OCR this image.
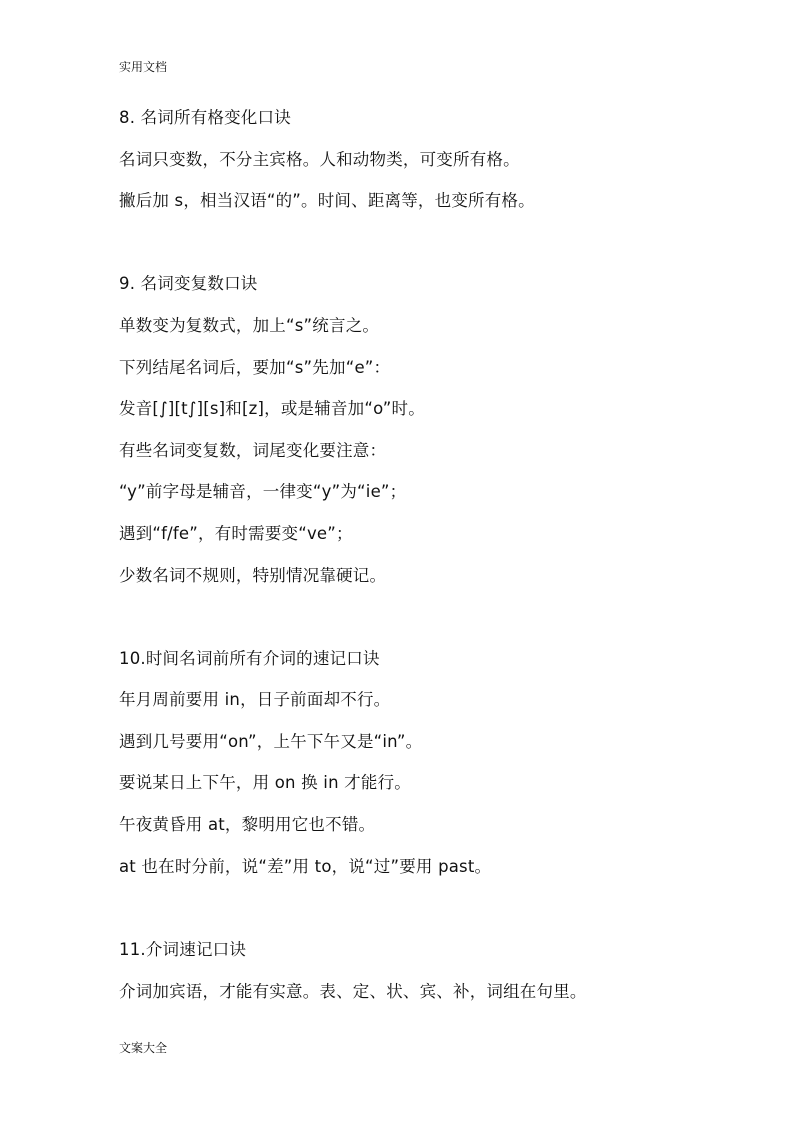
实用文档
8. 名词所有格变化口诀
名词只变数，不分主宾格。人和动物类，可变所有格。
撇后加 s，相当汉语“的”。时间、距离等，也变所有格。
9. 名词变复数口诀
单数变为复数式，加上“s”统言之。
下列结尾名词后，要加“s”先加“e”：
发音[∫][t∫][s]和[z]，或是辅音加“o”时。
有些名词变复数，词尾变化要注意：
“y”前字母是辅音，一律变“y”为“ie”；
遇到“f/fe”，有时需要变“ve”；
少数名词不规则，特别情况靠硬记。
10.时间名词前所有介词的速记口诀
年月周前要用 in，日子前面却不行。
遇到几号要用“on”，上午下午又是“in”。
要说某日上下午，用 on 换 in 才能行。
午夜黄昏用 at，黎明用它也不错。
at 也在时分前，说“差”用 to，说“过”要用 past。
11.介词速记口诀
介词加宾语，才能有实意。表、定、状、宾、补，词组在句里。
文案大全
